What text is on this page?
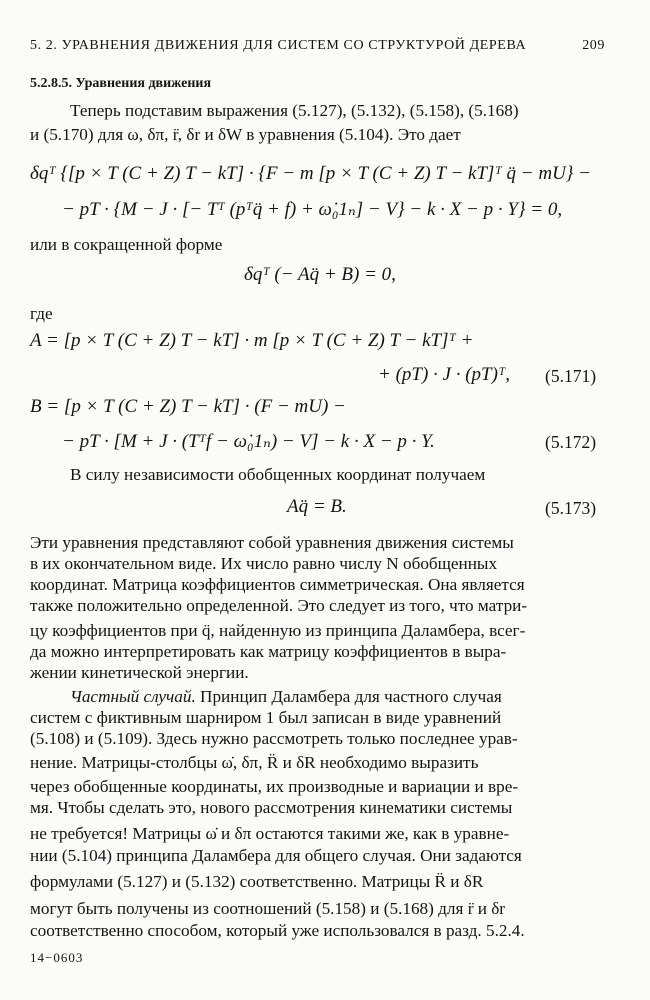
5. 2. УРАВНЕНИЯ ДВИЖЕНИЯ ДЛЯ СИСТЕМ СО СТРУКТУРОЙ ДЕРЕВА	209
5.2.8.5. Уравнения движения
Теперь подставим выражения (5.127), (5.132), (5.158), (5.168)
и (5.170) для ω, δπ, r̈, δr и δW в уравнения (5.104). Это дает
δqᵀ {[p × T (C + Z) T − kT] · {F − m [p × T (C + Z) T − kT]ᵀ q̈ − mU} −
− pT · {M − J · [− Tᵀ (pᵀq̈ + f) + ω̇₀1ₙ] − V} − k · X − p · Y} = 0,
или в сокращенной форме
δqᵀ (− Aq̈ + B) = 0,
где
A = [p × T (C + Z) T − kT] · m [p × T (C + Z) T − kT]ᵀ +
+ (pT) · J · (pT)ᵀ, (5.171)
B = [p × T (C + Z) T − kT] · (F − mU) −
− pT · [M + J · (Tᵀf − ω̇₀1ₙ) − V] − k · X − p · Y.	(5.172)
В силу независимости обобщенных координат получаем
Aq̈ = B.	(5.173)
Эти уравнения представляют собой уравнения движения системы
в их окончательном виде. Их число равно числу N обобщенных
координат. Матрица коэффициентов симметрическая. Она является
также положительно определенной. Это следует из того, что матри-
цу коэффициентов при q̈, найденную из принципа Даламбера, всег-
да можно интерпретировать как матрицу коэффициентов в выра-
жении кинетической энергии.
Частный случай. Принцип Даламбера для частного случая
систем с фиктивным шарниром 1 был записан в виде уравнений
(5.108) и (5.109). Здесь нужно рассмотреть только последнее урав-
нение. Матрицы-столбцы ω̇, δπ, R̈ и δR необходимо выразить
через обобщенные координаты, их производные и вариации и вре-
мя. Чтобы сделать это, нового рассмотрения кинематики системы
не требуется! Матрицы ω̇ и δπ остаются такими же, как в уравне-
нии (5.104) принципа Даламбера для общего случая. Они задаются
формулами (5.127) и (5.132) соответственно. Матрицы R̈ и δR
могут быть получены из соотношений (5.158) и (5.168) для r̈ и δr
соответственно способом, который уже использовался в разд. 5.2.4.
14−0603
